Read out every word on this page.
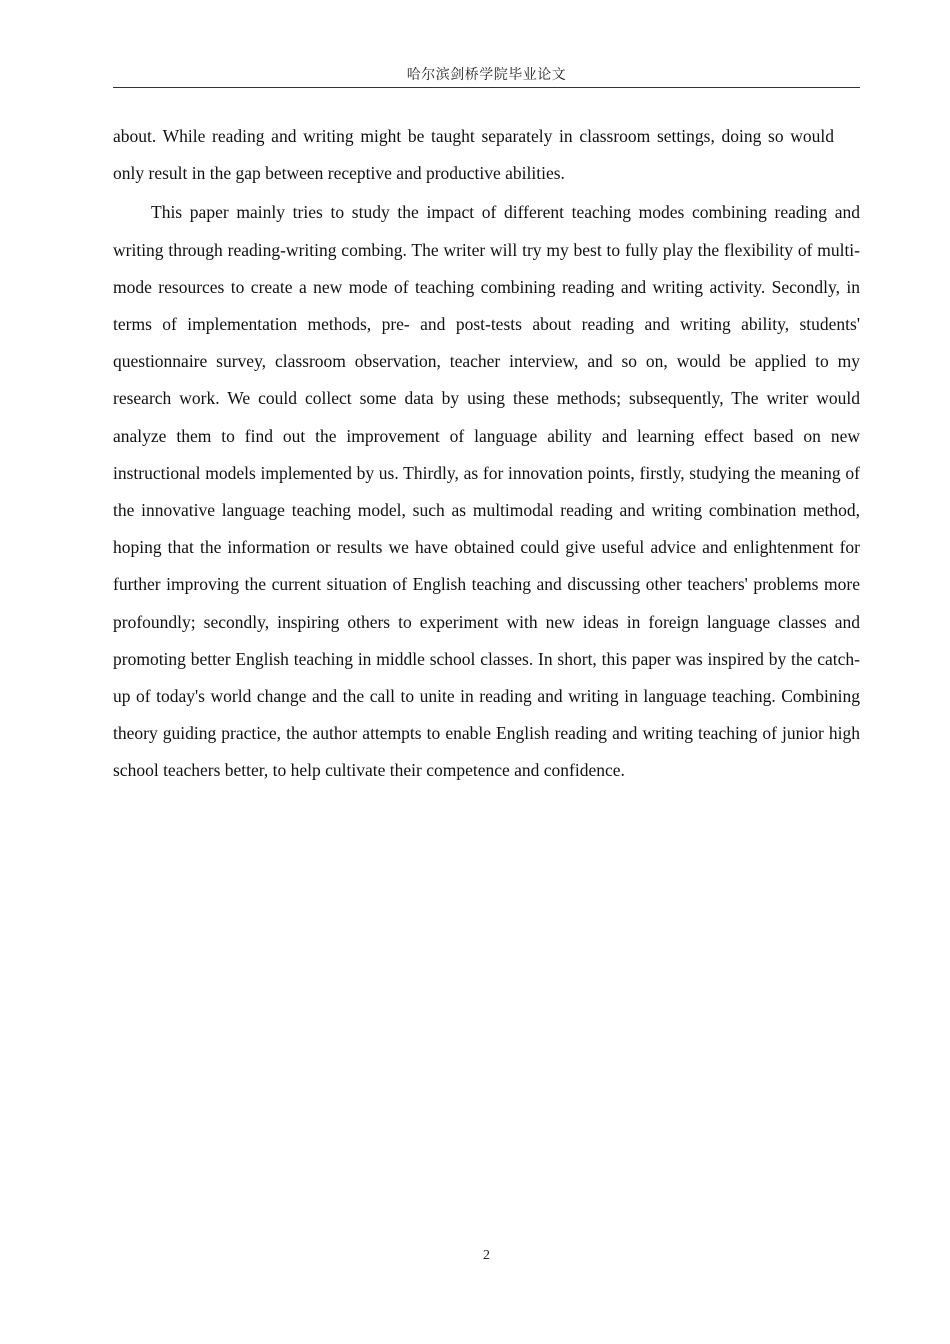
哈尔滨剑桥学院毕业论文

about. While reading and writing might be taught separately in classroom settings, doing so would only result in the gap between receptive and productive abilities.

This paper mainly tries to study the impact of different teaching modes combining reading and writing through reading-writing combing. The writer will try my best to fully play the flexibility of multi-mode resources to create a new mode of teaching combining reading and writing activity. Secondly, in terms of implementation methods, pre- and post-tests about reading and writing ability, students' questionnaire survey, classroom observation, teacher interview, and so on, would be applied to my research work. We could collect some data by using these methods; subsequently, The writer would analyze them to find out the improvement of language ability and learning effect based on new instructional models implemented by us. Thirdly, as for innovation points, firstly, studying the meaning of the innovative language teaching model, such as multimodal reading and writing combination method, hoping that the information or results we have obtained could give useful advice and enlightenment for further improving the current situation of English teaching and discussing other teachers' problems more profoundly; secondly, inspiring others to experiment with new ideas in foreign language classes and promoting better English teaching in middle school classes. In short, this paper was inspired by the catch-up of today's world change and the call to unite in reading and writing in language teaching. Combining theory guiding practice, the author attempts to enable English reading and writing teaching of junior high school teachers better, to help cultivate their competence and confidence.

2
